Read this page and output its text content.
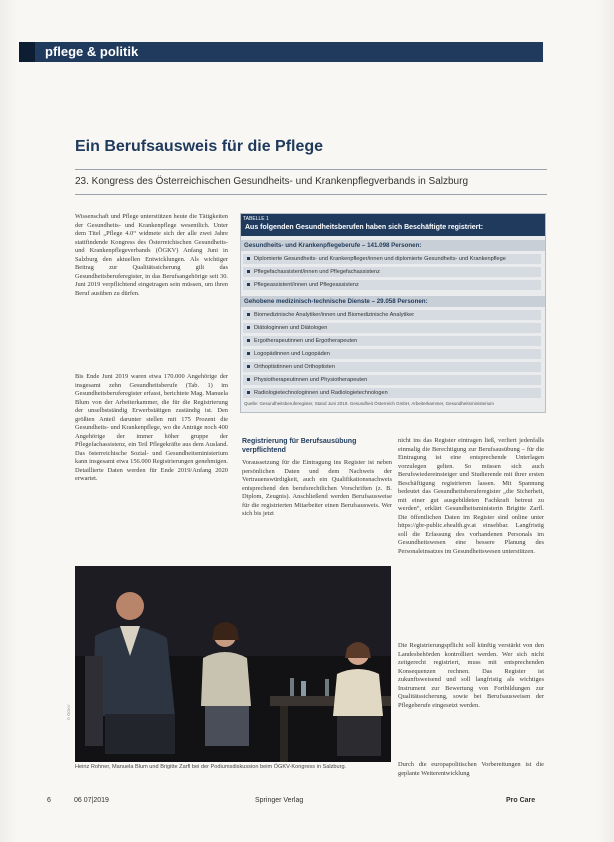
pflege & politik
Ein Berufsausweis für die Pflege
23. Kongress des Österreichischen Gesundheits- und Krankenpflegverbands in Salzburg
Wissenschaft und Pflege unterstützen heute die Tätigkeiten der Gesundheits- und Krankenpflege wesentlich. Unter dem Titel „Pflege 4.0“ widmete sich der alle zwei Jahre stattfindende Kongress des Österreichischen Gesundheits- und Krankenpflegeverbands (ÖGKV) Anfang Juni in Salzburg den aktuellen Entwicklungen. Als wichtiger Beitrag zur Qualitätssicherung gilt das Gesundheitsberuferegister, in das Berufsangehörige seit 30. Juni 2019 verpflichtend eingetragen sein müssen, um ihren Beruf ausüben zu dürfen.
Bis Ende Juni 2019 waren etwa 170.000 Angehörige der insgesamt zehn Gesundheitsberufe (Tab. 1) im Gesundheitsberuferegister erfasst, berichtete Mag. Manuela Blum von der Arbeiterkammer, die für die Registrierung der unselbstständig Erwerbstätigen zuständig ist. Den größten Anteil darunter stellen mit 175 Prozent die Gesundheits- und Krankenpflege, wo die Anträge noch 400 Angehörige der immer höher gruppe der Pflegefachassistenz, ein Teil Pflegekräfte aus dem Ausland. Das österreichische Sozial- und Gesundheitsministerium kann insgesamt etwa 156.000 Registrierungen genehmigen. Detaillierte Daten werden für Ende 2019/Anfang 2020 erwartet.
TABELLE 1
Aus folgenden Gesundheitsberufen haben sich Beschäftigte registriert:
Gesundheits- und Krankenpflegeberufe – 141.098 Personen:
Diplomierte Gesundheits- und Krankenpfleger/innen und diplomierte Gesundheits- und Krankenpflege
Pflegefachassistent/innen und Pflegefachassistenz
Pflegeassistent/innen und Pflegeassistenz
Gehobene medizinisch-technische Dienste – 29.058 Personen:
Biomedizinische Analytiker/innen und Biomedizinische Analytiker
Diätologinnen und Diätologen
Ergotherapeutinnen und Ergotherapeuten
Logopädinnen und Logopäden
Orthoptistinnen und Orthoptisten
Physiotherapeutinnen und Physiotherapeuten
Radiologietechnologinnen und Radiologietechnologen
Quelle: Gesundheitsberuferegister, Stand Juni 2019. Gesundheit Österreich GmbH, Arbeiterkammer, Gesundheitsministerium
Registrierung für Berufsausübung verpflichtend
Voraussetzung für die Eintragung ins Register ist neben persönlichen Daten und dem Nachweis der Vertrauenswürdigkeit, auch ein Qualifikationsnachweis entsprechend den berufsrechtlichen Vorschriften (z. B. Diplom, Zeugnis). Anschließend werden Berufsausweise für die registrierten Mitarbeiter einen Berufsausweis. Wer sich bis jetzt
nicht ins das Register eintragen ließ, verliert jedenfalls einmalig die Berechtigung zur Berufsausübung – für die Eintragung ist eine entsprechende Unterlagen vorzulegen gelten. So müssen sich auch Berufswiedereinsteiger und Studierende mit ihrer ersten Beschäftigung registrieren lassen. Mit Spannung bedeutet das Gesundheitsberuferegister „die Sicherheit, mit einer gut ausgebildeten Fachkraft betreut zu werden“, erklärt Gesundheitsministerin Brigitte Zarfl. Die öffentlichen Daten im Register sind online unter https://gbr-public.ehealth.gv.at einsehbar. Langfristig soll die Erfassung des vorhandenen Personals im Gesundheitswesen eine bessere Planung des Personaleinsatzes im Gesundheitswesen unterstützen.
Die Registrierungspflicht soll künftig verstärkt von den Landesbehörden kontrolliert werden. Wer sich nicht zeitgerecht registriert, muss mit entsprechenden Konsequenzen rechnen. Das Register ist zukunftsweisend und soll langfristig als wichtiges Instrument zur Bewertung von Fortbildungen zur Qualitätssicherung, sowie bei Berufsausweisen der Pflegeberufe eingesetzt werden.
Durch die europapolitischen Vorbereitungen ist die geplante Weiterentwicklung
© ÖGKV
Heinz Rohner, Manuela Blum und Brigitte Zarfl bei der Podiumsdiskussion beim ÖGKV-Kongress in Salzburg.
6	06 07|2019	Springer Verlag	Pro Care
